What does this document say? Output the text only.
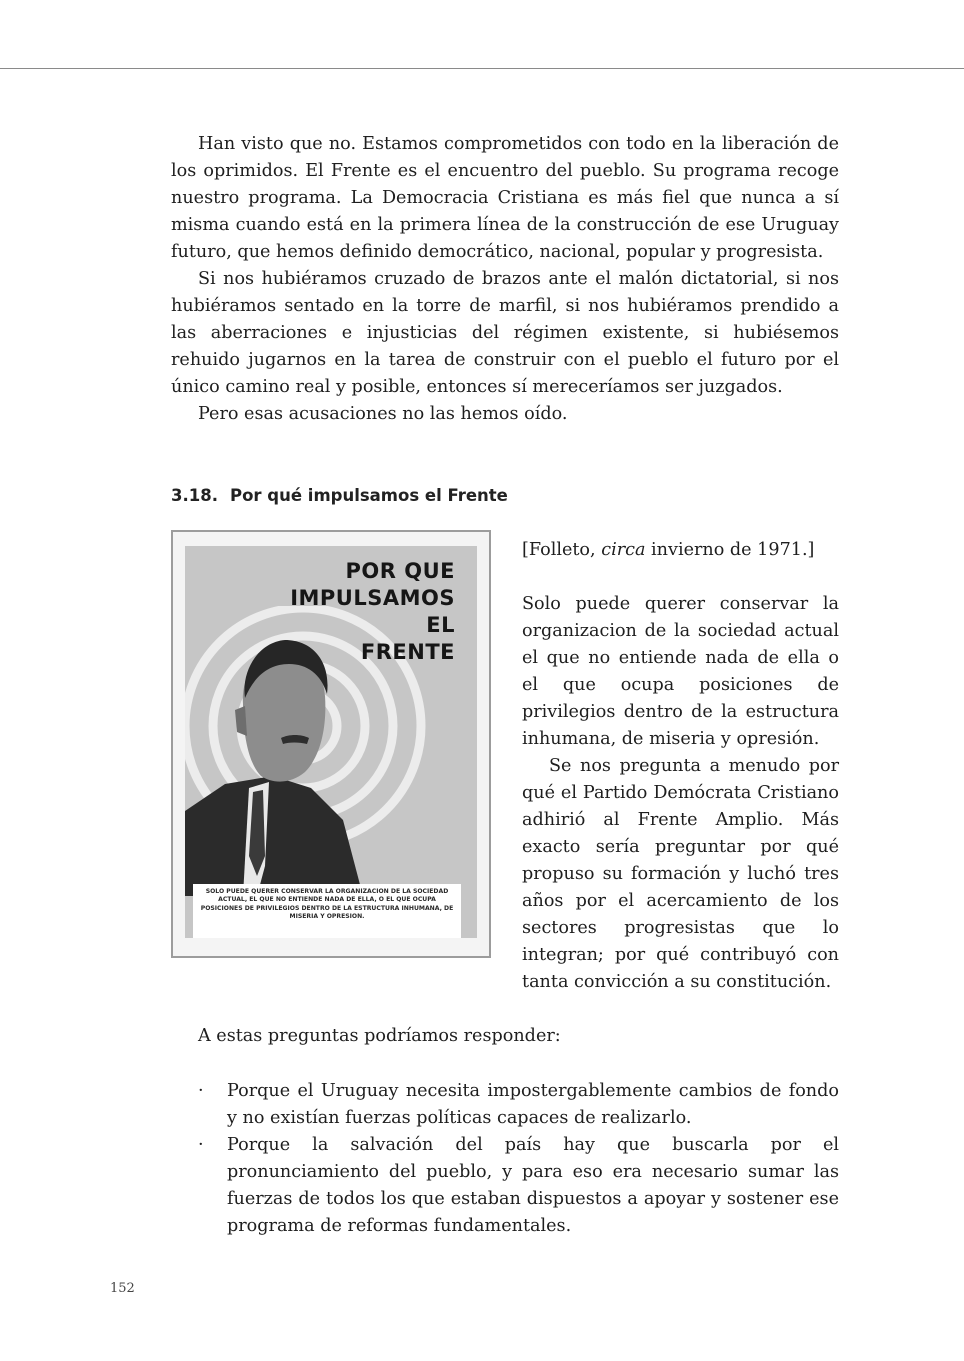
Han visto que no. Estamos comprometidos con todo en la liberación de los oprimidos. El Frente es el encuentro del pueblo. Su programa recoge nuestro programa. La Democracia Cristiana es más fiel que nunca a sí misma cuando está en la primera línea de la construcción de ese Uruguay futuro, que hemos definido democrático, nacional, popular y progresista.

Si nos hubiéramos cruzado de brazos ante el malón dictatorial, si nos hubiéramos sentado en la torre de marfil, si nos hubiéramos prendido a las aberraciones e injusticias del régimen existente, si hubiésemos rehuido jugarnos en la tarea de construir con el pueblo el futuro por el único camino real y posible, entonces sí mereceríamos ser juzgados.

Pero esas acusaciones no las hemos oído.

3.18. Por qué impulsamos el Frente
POR QUE
IMPULSAMOS
EL
FRENTE
SOLO PUEDE QUERER CONSERVAR LA ORGANIZACION DE LA SOCIEDAD ACTUAL, EL QUE NO ENTIENDE NADA DE ELLA, O EL QUE OCUPA POSICIONES DE PRIVILEGIOS DENTRO DE LA ESTRUCTURA INHUMANA, DE MISERIA Y OPRESION.

[Folleto, circa invierno de 1971.]

Solo puede querer conservar la organizacion de la sociedad actual el que no entiende nada de ella o el que ocupa posiciones de privilegios dentro de la estructura inhumana, de miseria y opresión.

Se nos pregunta a menudo por qué el Partido Demócrata Cristiano adhirió al Frente Amplio. Más exacto sería preguntar por qué propuso su formación y luchó tres años por el acercamiento de los sectores progresistas que lo integran; por qué contribuyó con tanta convicción a su constitución.

A estas preguntas podríamos responder:

· Porque el Uruguay necesita impostergablemente cambios de fondo y no existían fuerzas políticas capaces de realizarlo.

· Porque la salvación del país hay que buscarla por el pronunciamiento del pueblo, y para eso era necesario sumar las fuerzas de todos los que estaban dispuestos a apoyar y sostener ese programa de reformas fundamentales.

152
